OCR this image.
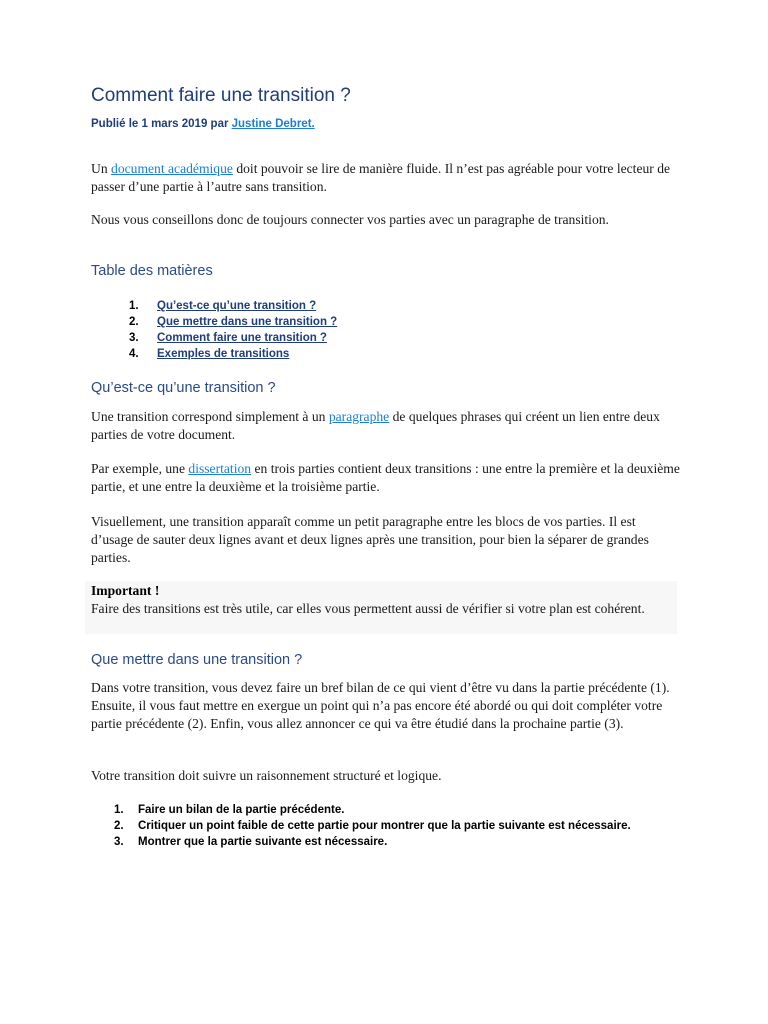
Comment faire une transition ?
Publié le 1 mars 2019 par Justine Debret.

Un document académique doit pouvoir se lire de manière fluide. Il n’est pas agréable pour votre lecteur de passer d’une partie à l’autre sans transition.

Nous vous conseillons donc de toujours connecter vos parties avec un paragraphe de transition.

Table des matières
1.	Qu’est-ce qu’une transition ?
2.	Que mettre dans une transition ?
3.	Comment faire une transition ?
4.	Exemples de transitions
Qu’est-ce qu’une transition ?

Une transition correspond simplement à un paragraphe de quelques phrases qui créent un lien entre deux parties de votre document.

Par exemple, une dissertation en trois parties contient deux transitions : une entre la première et la deuxième partie, et une entre la deuxième et la troisième partie.

Visuellement, une transition apparaît comme un petit paragraphe entre les blocs de vos parties. Il est d’usage de sauter deux lignes avant et deux lignes après une transition, pour bien la séparer de grandes parties.

Important !
Faire des transitions est très utile, car elles vous permettent aussi de vérifier si votre plan est cohérent.
Que mettre dans une transition ?

Dans votre transition, vous devez faire un bref bilan de ce qui vient d’être vu dans la partie précédente (1). Ensuite, il vous faut mettre en exergue un point qui n’a pas encore été abordé ou qui doit compléter votre partie précédente (2). Enfin, vous allez annoncer ce qui va être étudié dans la prochaine partie (3).

Votre transition doit suivre un raisonnement structuré et logique.

1.	Faire un bilan de la partie précédente.
2.	Critiquer un point faible de cette partie pour montrer que la partie suivante est nécessaire.
3.	Montrer que la partie suivante est nécessaire.
